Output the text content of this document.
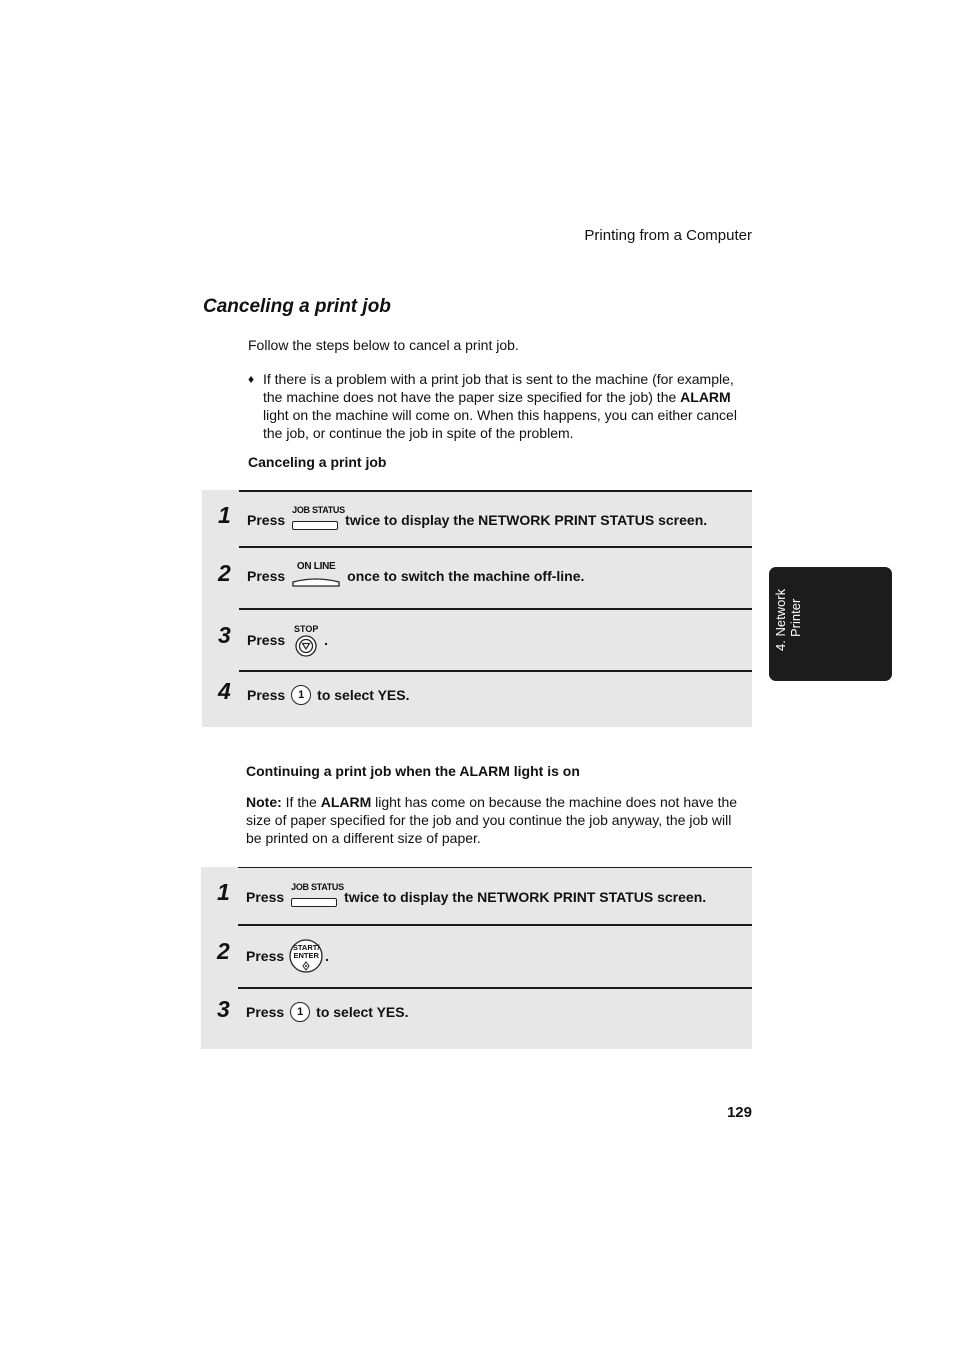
Printing from a Computer
Canceling a print job
Follow the steps below to cancel a print job.
♦ If there is a problem with a print job that is sent to the machine (for example, the machine does not have the paper size specified for the job) the ALARM light on the machine will come on. When this happens, you can either cancel the job, or continue the job in spite of the problem.
Canceling a print job
1 Press
JOB STATUS
twice to display the NETWORK PRINT STATUS screen.
2 Press
ON LINE
once to switch the machine off-line.
3 Press
STOP
.
4 Press	1 to select YES.
Continuing a print job when the ALARM light is on
Note: If the ALARM light has come on because the machine does not have the size of paper specified for the job and you continue the job anyway, the job will be printed on a different size of paper.
1 Press
JOB STATUS
twice to display the NETWORK PRINT STATUS screen.
2 Press
START/
ENTER .
3 Press	1 to select YES.
4. Network Printer
129
